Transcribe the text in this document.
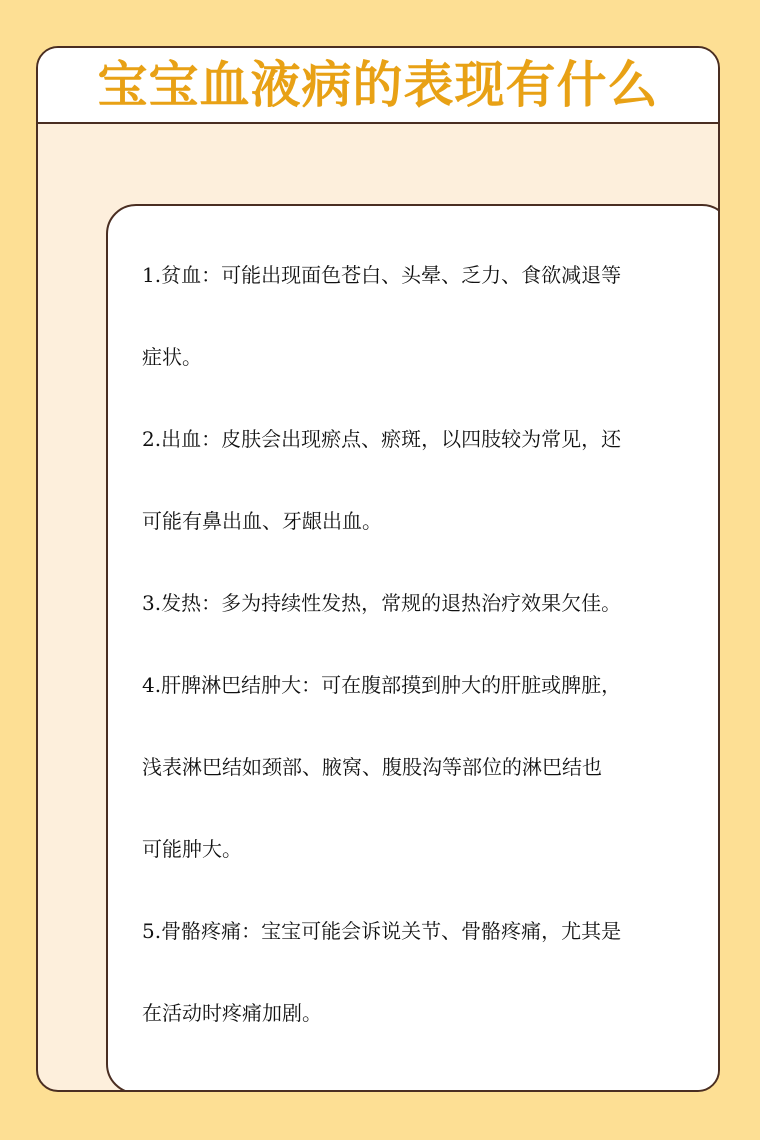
宝宝血液病的表现有什么
1.贫血：可能出现面色苍白、头晕、乏力、食欲减退等
症状。
2.出血：皮肤会出现瘀点、瘀斑，以四肢较为常见，还
可能有鼻出血、牙龈出血。
3.发热：多为持续性发热，常规的退热治疗效果欠佳。
4.肝脾淋巴结肿大：可在腹部摸到肿大的肝脏或脾脏，
浅表淋巴结如颈部、腋窝、腹股沟等部位的淋巴结也
可能肿大。
5.骨骼疼痛：宝宝可能会诉说关节、骨骼疼痛，尤其是
在活动时疼痛加剧。
